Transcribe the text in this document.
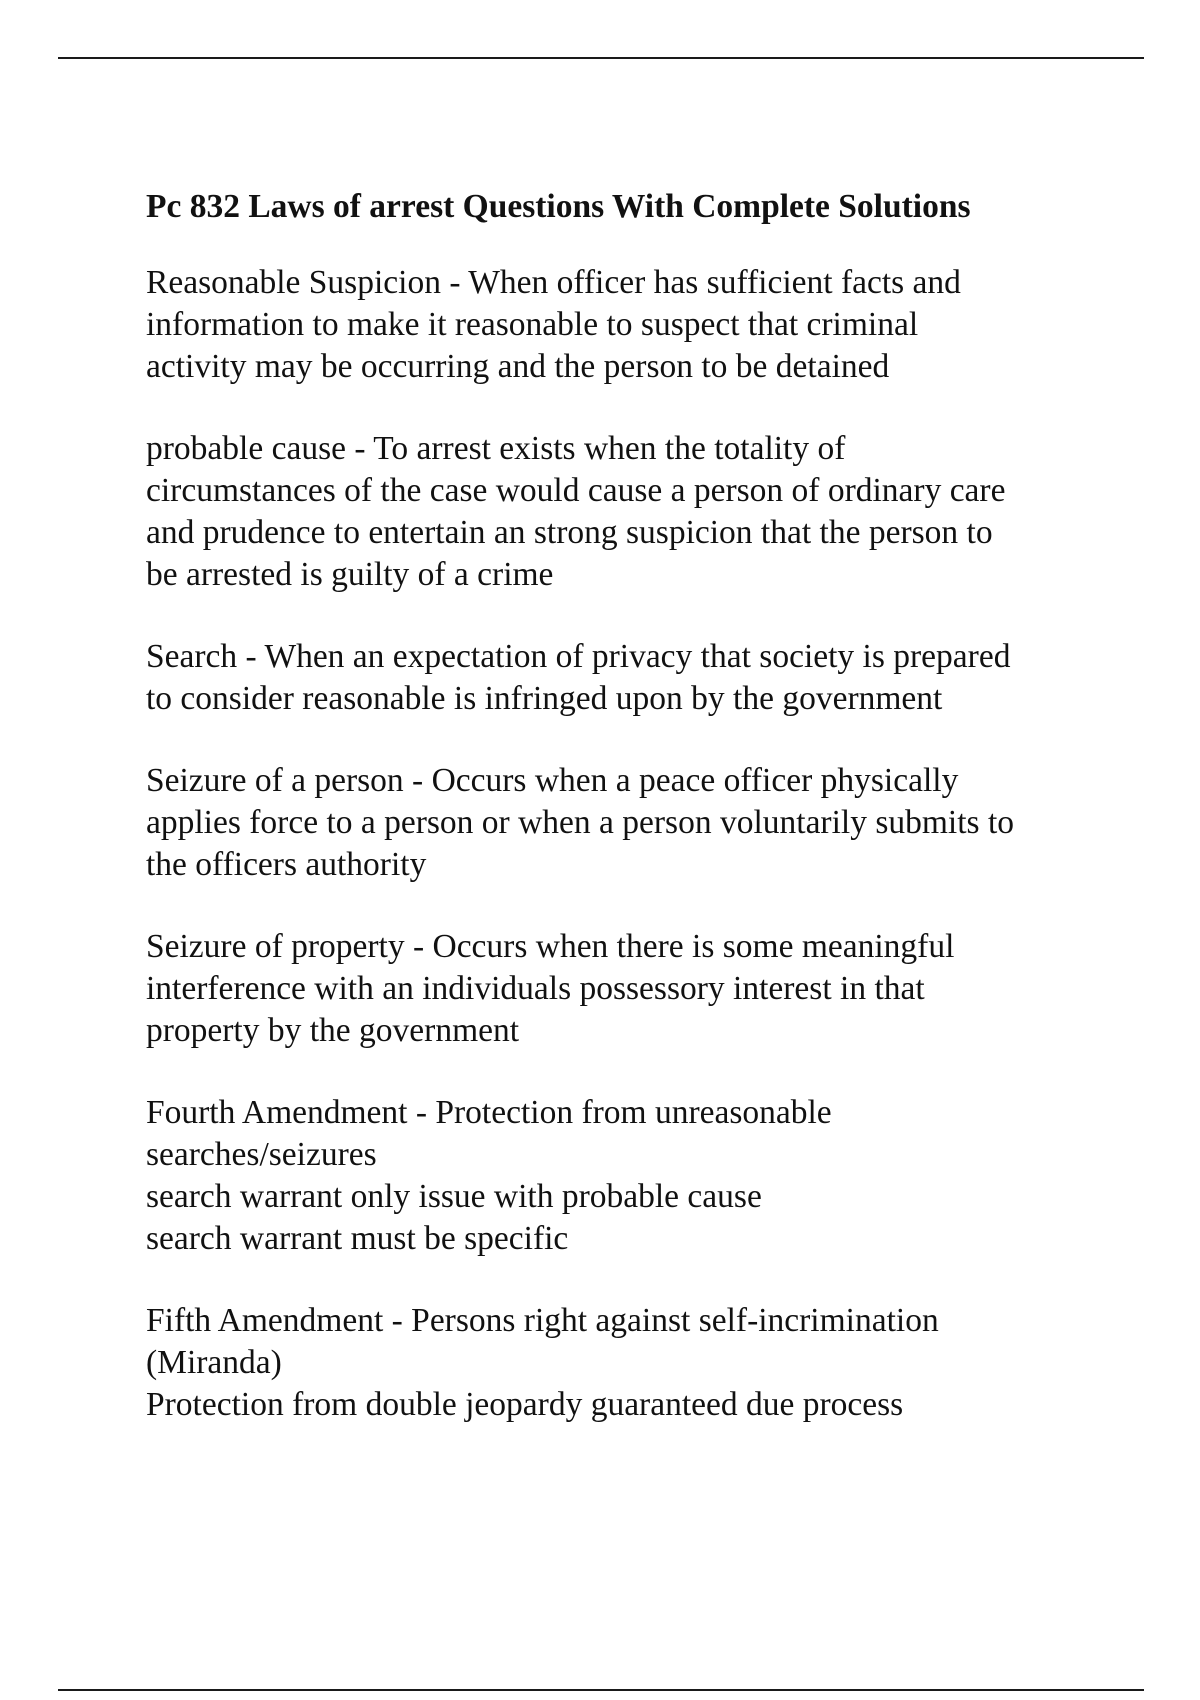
Pc 832 Laws of arrest Questions With Complete Solutions
Reasonable Suspicion - When officer has sufficient facts and
information to make it reasonable to suspect that criminal
activity may be occurring and the person to be detained
probable cause - To arrest exists when the totality of
circumstances of the case would cause a person of ordinary care
and prudence to entertain an strong suspicion that the person to
be arrested is guilty of a crime
Search - When an expectation of privacy that society is prepared
to consider reasonable is infringed upon by the government
Seizure of a person - Occurs when a peace officer physically
applies force to a person or when a person voluntarily submits to
the officers authority
Seizure of property - Occurs when there is some meaningful
interference with an individuals possessory interest in that
property by the government
Fourth Amendment - Protection from unreasonable
searches/seizures
search warrant only issue with probable cause
search warrant must be specific
Fifth Amendment - Persons right against self-incrimination
(Miranda)
Protection from double jeopardy guaranteed due process
